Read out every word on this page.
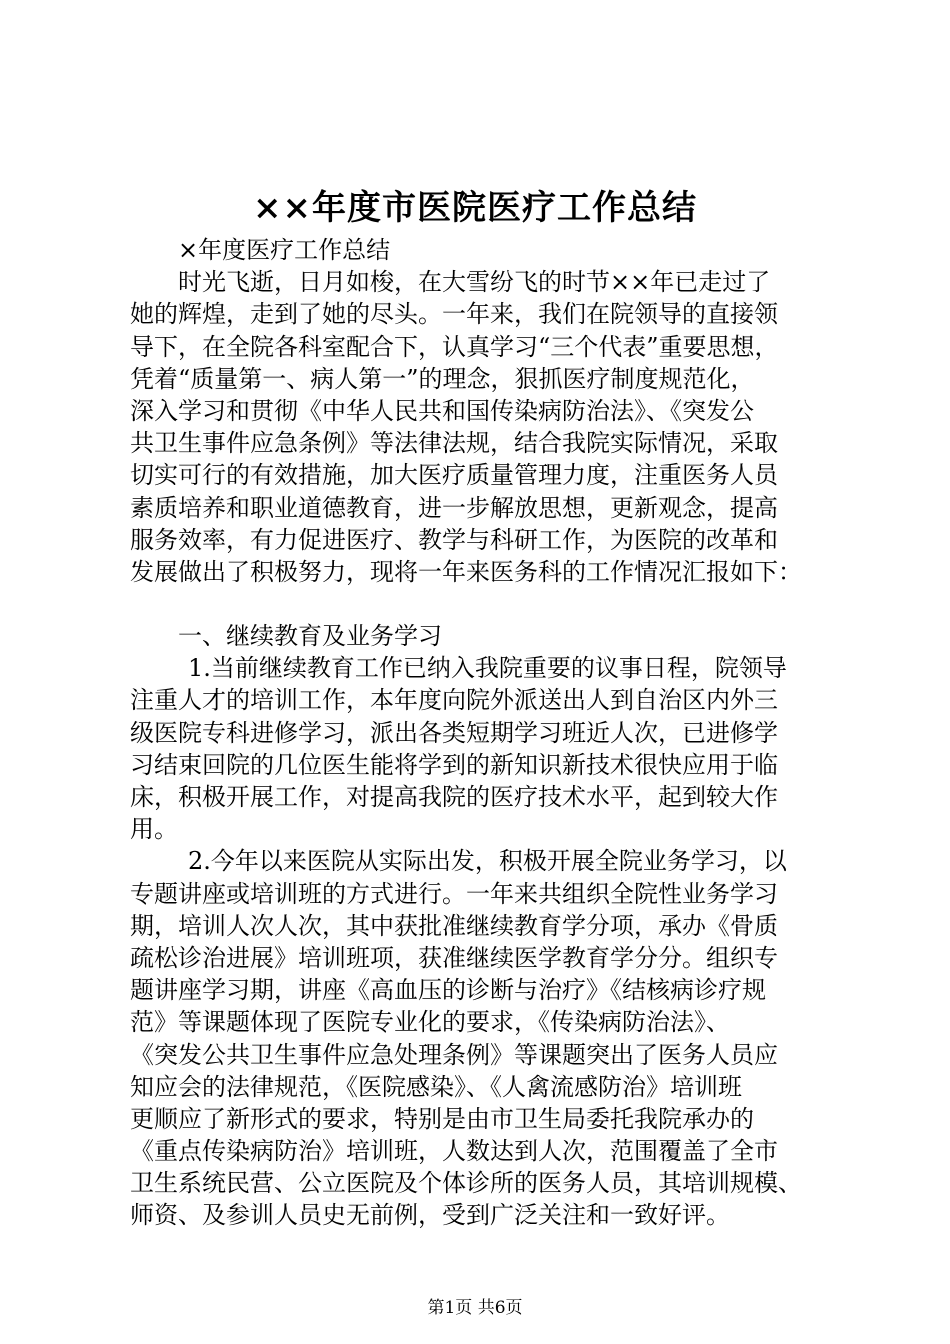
××年度市医院医疗工作总结
×年度医疗工作总结
时光飞逝，日月如梭，在大雪纷飞的时节××年已走过了
她的辉煌，走到了她的尽头。一年来，我们在院领导的直接领
导下，在全院各科室配合下，认真学习“三个代表”重要思想，
凭着“质量第一、病人第一”的理念，狠抓医疗制度规范化，
深入学习和贯彻《中华人民共和国传染病防治法》、《突发公
共卫生事件应急条例》等法律法规，结合我院实际情况，采取
切实可行的有效措施，加大医疗质量管理力度，注重医务人员
素质培养和职业道德教育，进一步解放思想，更新观念，提高
服务效率，有力促进医疗、教学与科研工作，为医院的改革和
发展做出了积极努力，现将一年来医务科的工作情况汇报如下：
一、继续教育及业务学习
1.当前继续教育工作已纳入我院重要的议事日程，院领导
注重人才的培训工作，本年度向院外派送出人到自治区内外三
级医院专科进修学习，派出各类短期学习班近人次，已进修学
习结束回院的几位医生能将学到的新知识新技术很快应用于临
床，积极开展工作，对提高我院的医疗技术水平，起到较大作
用。
2.今年以来医院从实际出发，积极开展全院业务学习，以
专题讲座或培训班的方式进行。一年来共组织全院性业务学习
期，培训人次人次，其中获批准继续教育学分项，承办《骨质
疏松诊治进展》培训班项，获准继续医学教育学分分。组织专
题讲座学习期，讲座《高血压的诊断与治疗》《结核病诊疗规
范》等课题体现了医院专业化的要求，《传染病防治法》、
《突发公共卫生事件应急处理条例》等课题突出了医务人员应
知应会的法律规范，《医院感染》、《人禽流感防治》培训班
更顺应了新形式的要求，特别是由市卫生局委托我院承办的
《重点传染病防治》培训班，人数达到人次，范围覆盖了全市
卫生系统民营、公立医院及个体诊所的医务人员，其培训规模、
师资、及参训人员史无前例，受到广泛关注和一致好评。
第1页 共6页
